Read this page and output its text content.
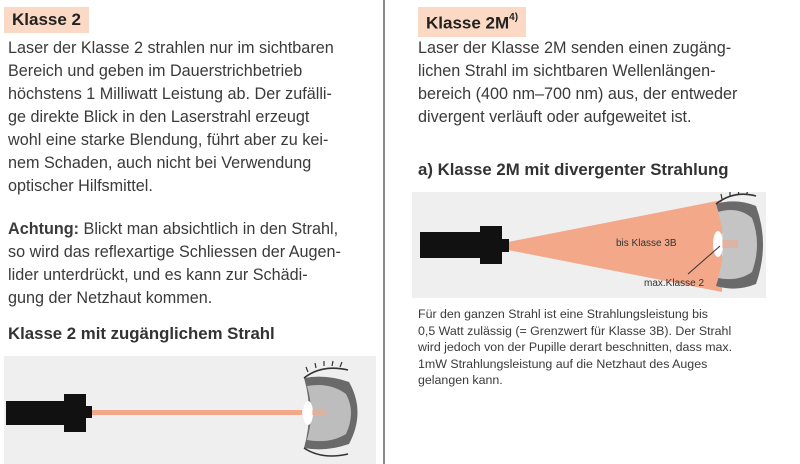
Klasse 2

Laser der Klasse 2 strahlen nur im sichtbaren

Bereich und geben im Dauerstrichbetrieb

höchstens 1 Milliwatt Leistung ab. Der zufälli-

ge direkte Blick in den Laserstrahl erzeugt

wohl eine starke Blendung, führt aber zu kei-

nem Schaden, auch nicht bei Verwendung

optischer Hilfsmittel.

Achtung: Blickt man absichtlich in den Strahl,

so wird das reflexartige Schliessen der Augen-

lider unterdrückt, und es kann zur Schädi-

gung der Netzhaut kommen.

Klasse 2 mit zugänglichem Strahl
Klasse $2M^{4)}$

Laser der Klasse 2M senden einen zugäng-

lichen Strahl im sichtbaren Wellenlängen-

bereich (400 nm–700 nm) aus, der entweder

divergent verläuft oder aufgeweitet ist.

a) Klasse 2M mit divergenter Strahlung
bis Klasse 3B
max.Klasse 2

Für den ganzen Strahl ist eine Strahlungsleistung bis

0,5 Watt zulässig (= Grenzwert für Klasse 3B). Der Strahl

wird jedoch von der Pupille derart beschnitten, dass max.

1mW Strahlungsleistung auf die Netzhaut des Auges

gelangen kann.
